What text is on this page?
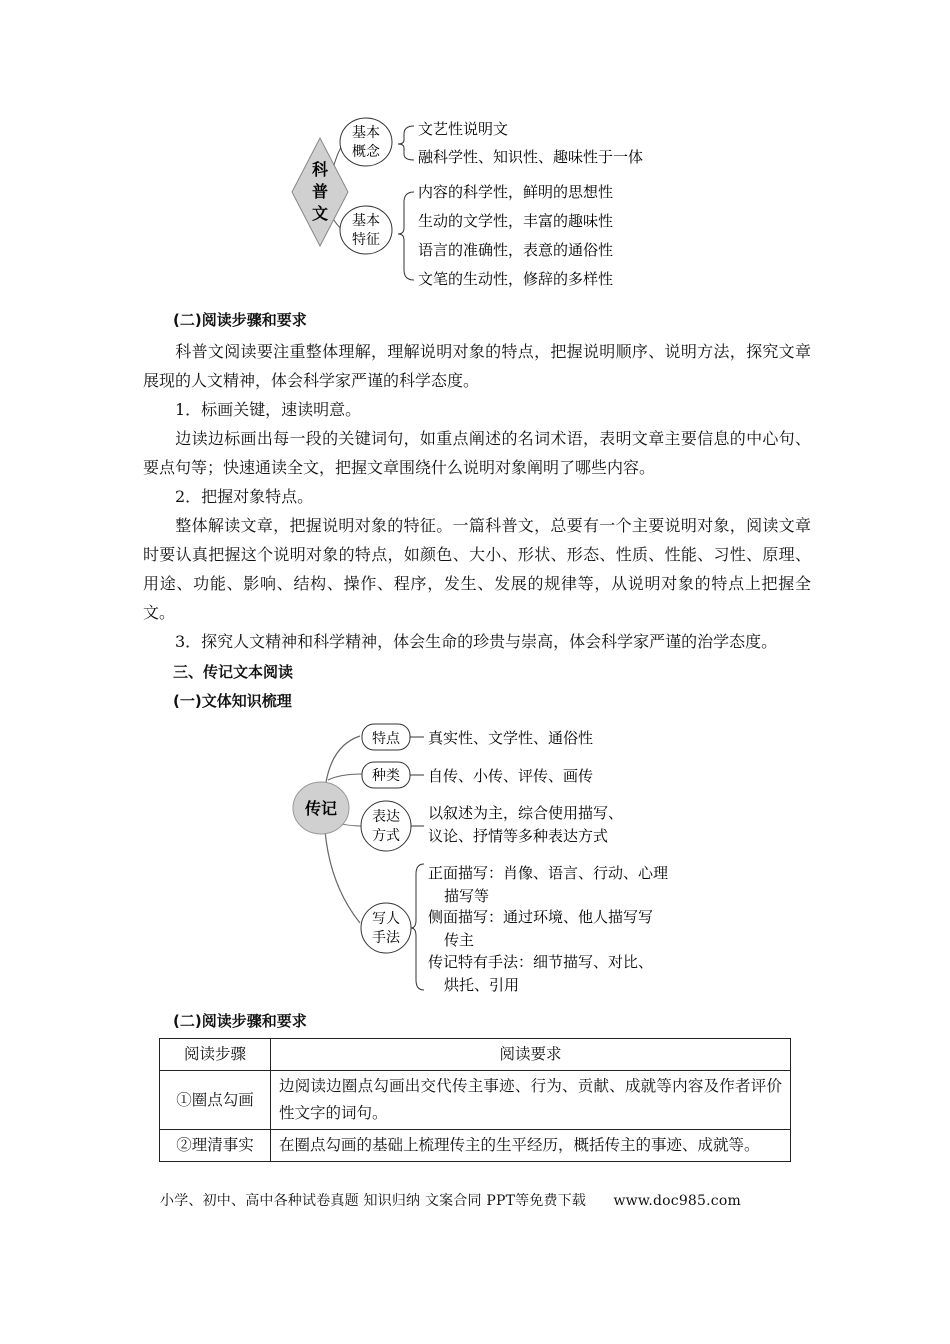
科
普
文
基本
概念
基本
特征
文艺性说明文
融科学性、知识性、趣味性于一体
内容的科学性，鲜明的思想性
生动的文学性，丰富的趣味性
语言的准确性，表意的通俗性
文笔的生动性，修辞的多样性
(二)阅读步骤和要求
科普文阅读要注重整体理解，理解说明对象的特点，把握说明顺序、说明方法，探究文章展现的人文精神，体会科学家严谨的科学态度。
1．标画关键，速读明意。
边读边标画出每一段的关键词句，如重点阐述的名词术语，表明文章主要信息的中心句、要点句等；快速通读全文，把握文章围绕什么说明对象阐明了哪些内容。
2．把握对象特点。
整体解读文章，把握说明对象的特征。一篇科普文，总要有一个主要说明对象，阅读文章时要认真把握这个说明对象的特点，如颜色、大小、形状、形态、性质、性能、习性、原理、用途、功能、影响、结构、操作、程序，发生、发展的规律等，从说明对象的特点上把握全文。
3．探究人文精神和科学精神，体会生命的珍贵与崇高，体会科学家严谨的治学态度。
三、传记文本阅读
(一)文体知识梳理
传记
特点 真实性、文学性、通俗性
种类 自传、小传、评传、画传
表达
方式
以叙述为主，综合使用描写、
议论、抒情等多种表达方式
写人
手法
正面描写：肖像、语言、行动、心理
描写等
侧面描写：通过环境、他人描写写
传主
传记特有手法：细节描写、对比、
烘托、引用
(二)阅读步骤和要求
阅读步骤	阅读要求
①圈点勾画	边阅读边圈点勾画出交代传主事迹、行为、贡献、成就等内容及作者评价性文字的词句。
②理清事实	在圈点勾画的基础上梳理传主的生平经历，概括传主的事迹、成就等。
小学、初中、高中各种试卷真题 知识归纳 文案合同 PPT等免费下载 www.doc985.com
